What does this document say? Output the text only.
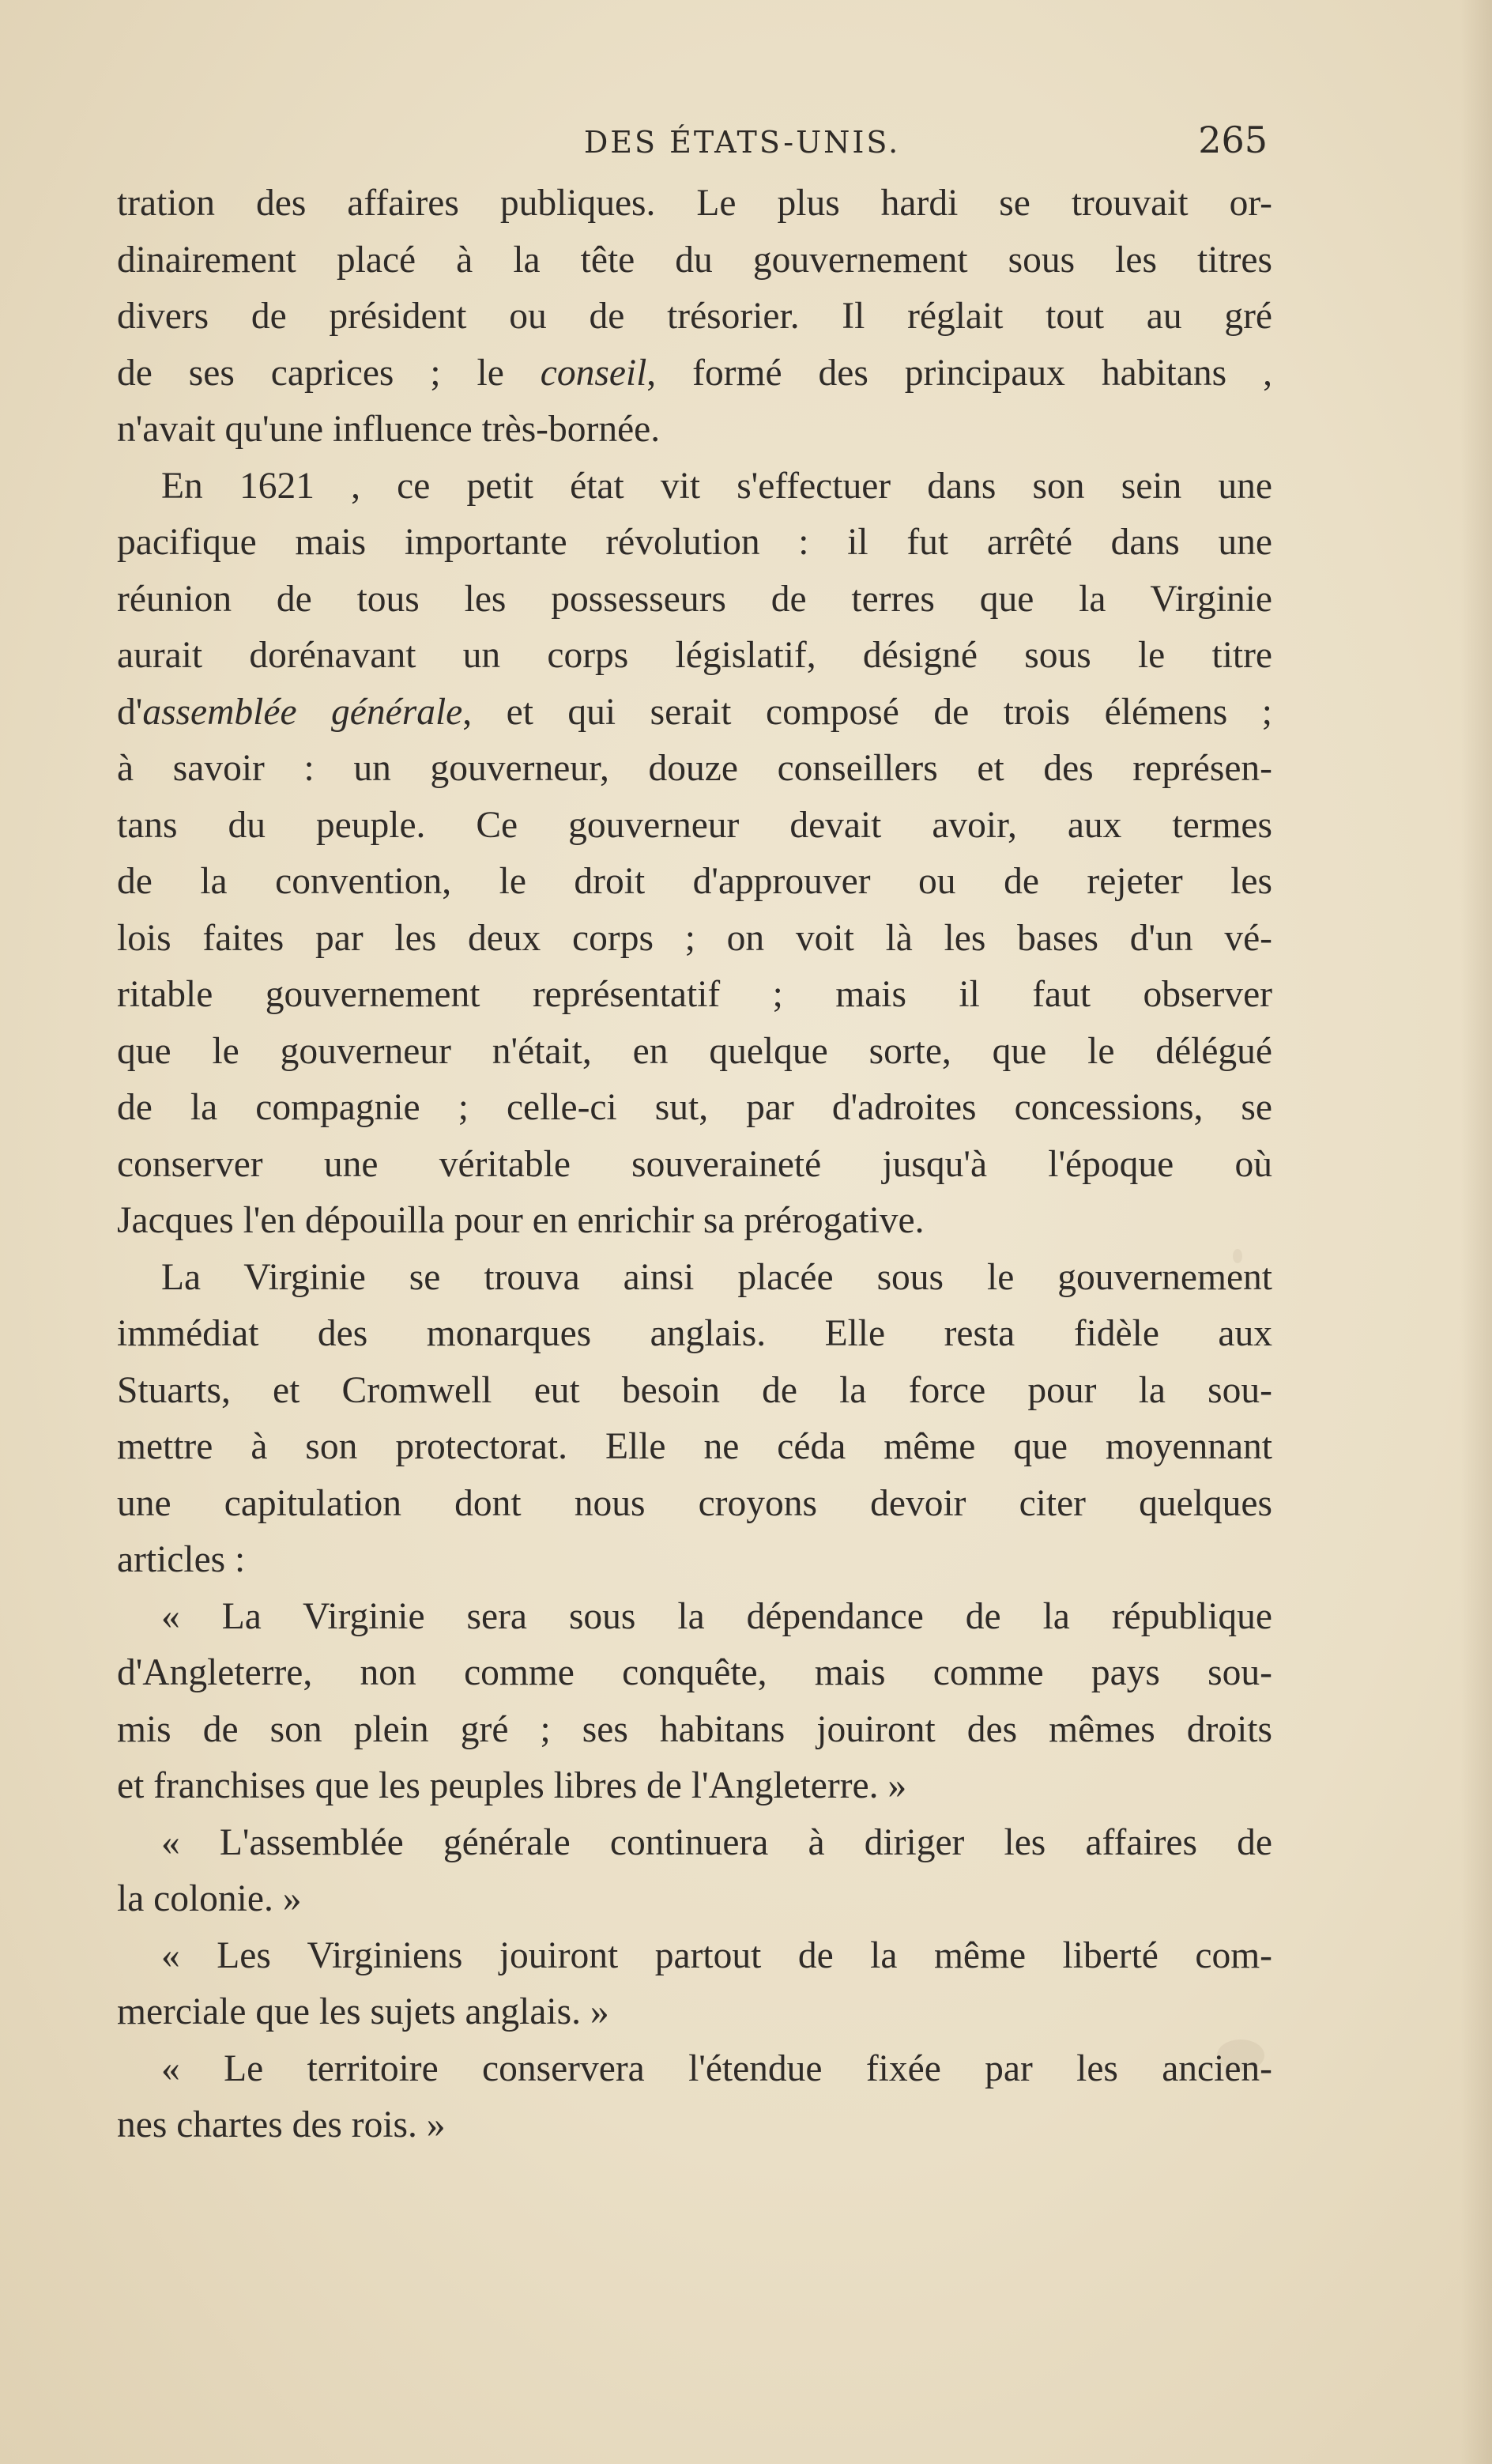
DES ÉTATS-UNIS.	265
tration des affaires publiques. Le plus hardi se trouvait or-
dinairement placé à la tête du gouvernement sous les titres
divers de président ou de trésorier. Il réglait tout au gré
de ses caprices ; le conseil, formé des principaux habitans ,
n'avait qu'une influence très-bornée.
En 1621 , ce petit état vit s'effectuer dans son sein une
pacifique mais importante révolution : il fut arrêté dans une
réunion de tous les possesseurs de terres que la Virginie
aurait dorénavant un corps législatif, désigné sous le titre
d'assemblée générale, et qui serait composé de trois élémens ;
à savoir : un gouverneur, douze conseillers et des représen-
tans du peuple. Ce gouverneur devait avoir, aux termes
de la convention, le droit d'approuver ou de rejeter les
lois faites par les deux corps ; on voit là les bases d'un vé-
ritable gouvernement représentatif ; mais il faut observer
que le gouverneur n'était, en quelque sorte, que le délégué
de la compagnie ; celle-ci sut, par d'adroites concessions, se
conserver une véritable souveraineté jusqu'à l'époque où
Jacques l'en dépouilla pour en enrichir sa prérogative.
La Virginie se trouva ainsi placée sous le gouvernement
immédiat des monarques anglais. Elle resta fidèle aux
Stuarts, et Cromwell eut besoin de la force pour la sou-
mettre à son protectorat. Elle ne céda même que moyennant
une capitulation dont nous croyons devoir citer quelques
articles :
« La Virginie sera sous la dépendance de la république
d'Angleterre, non comme conquête, mais comme pays sou-
mis de son plein gré ; ses habitans jouiront des mêmes droits
et franchises que les peuples libres de l'Angleterre. »
« L'assemblée générale continuera à diriger les affaires de
la colonie. »
« Les Virginiens jouiront partout de la même liberté com-
merciale que les sujets anglais. »
« Le territoire conservera l'étendue fixée par les ancien-
nes chartes des rois. »
